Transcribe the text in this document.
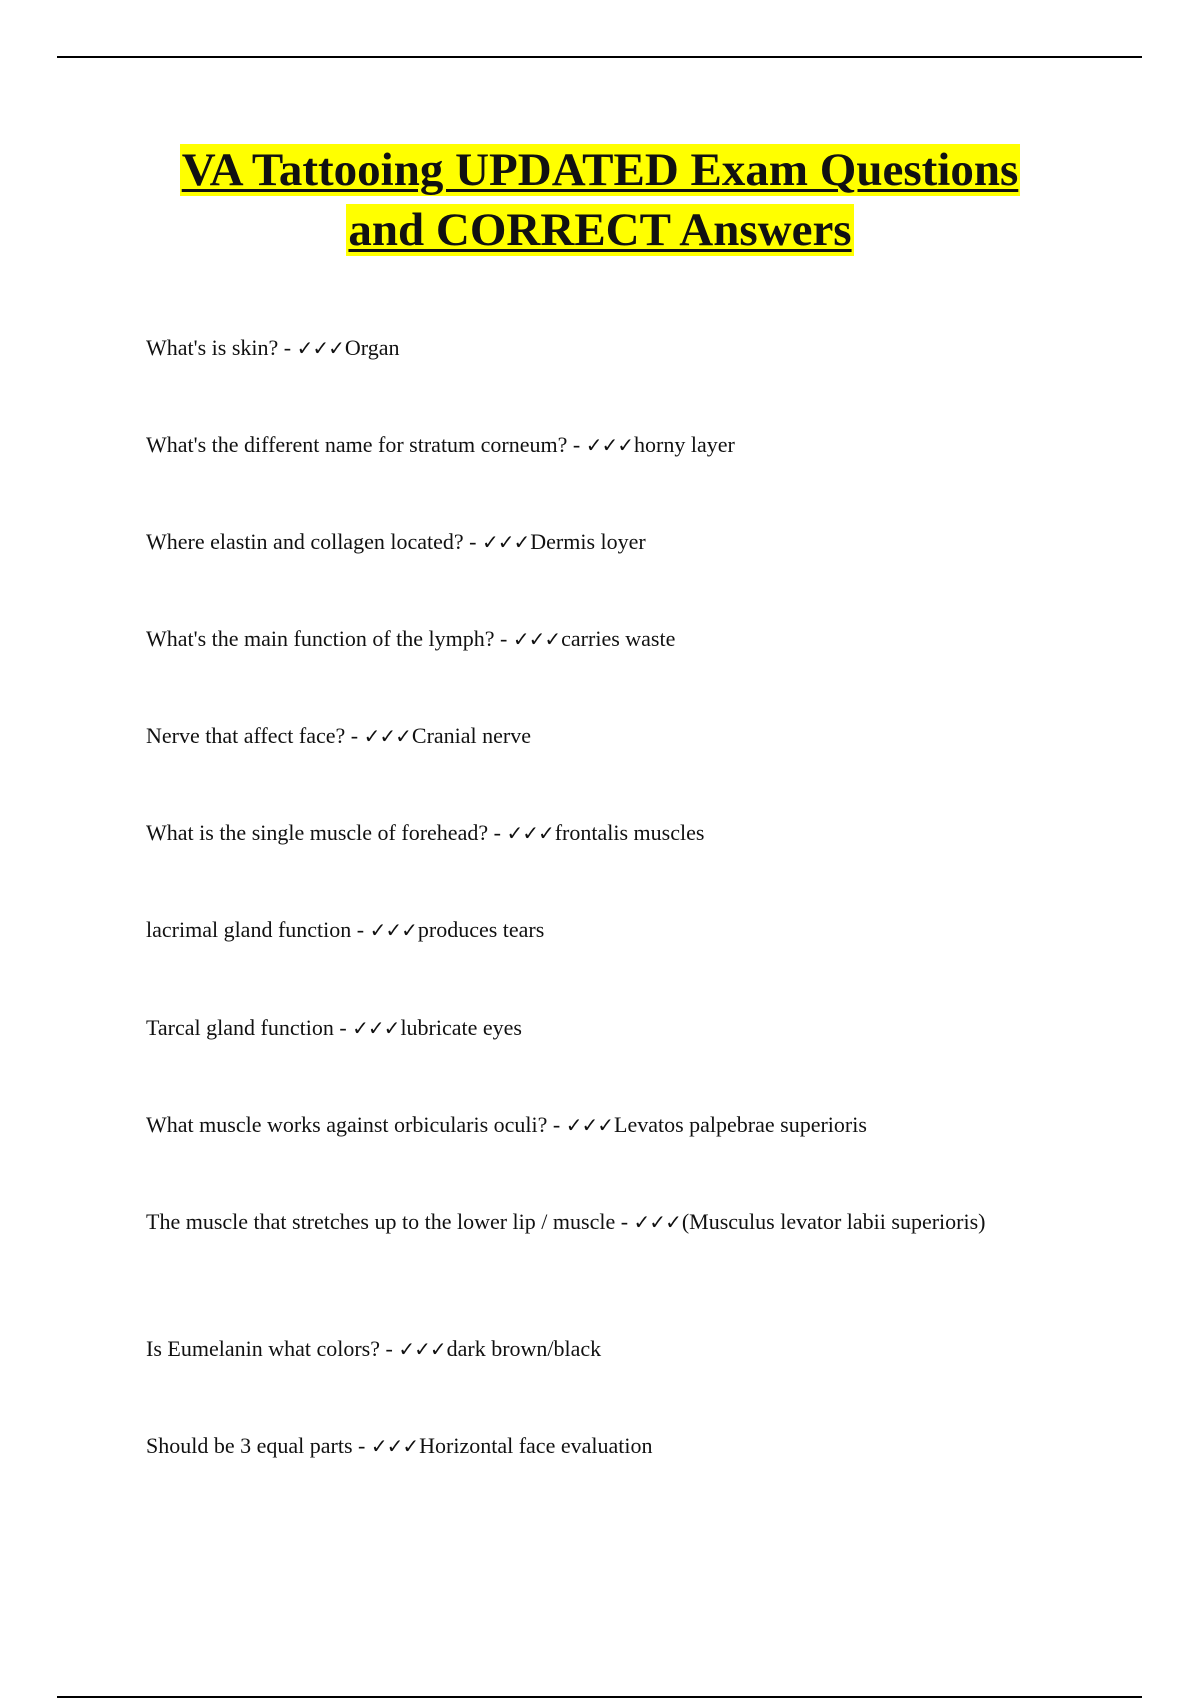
VA Tattooing UPDATED Exam Questions
and CORRECT Answers
What's is skin? - ✓✓✓Organ
What's the different name for stratum corneum? - ✓✓✓horny layer
Where elastin and collagen located? - ✓✓✓Dermis loyer
What's the main function of the lymph? - ✓✓✓carries waste
Nerve that affect face? - ✓✓✓Cranial nerve
What is the single muscle of forehead? - ✓✓✓frontalis muscles
lacrimal gland function - ✓✓✓produces tears
Tarcal gland function - ✓✓✓lubricate eyes
What muscle works against orbicularis oculi? - ✓✓✓Levatos palpebrae superioris
The muscle that stretches up to the lower lip / muscle - ✓✓✓(Musculus levator labii superioris)
Is Eumelanin what colors? - ✓✓✓dark brown/black
Should be 3 equal parts - ✓✓✓Horizontal face evaluation
